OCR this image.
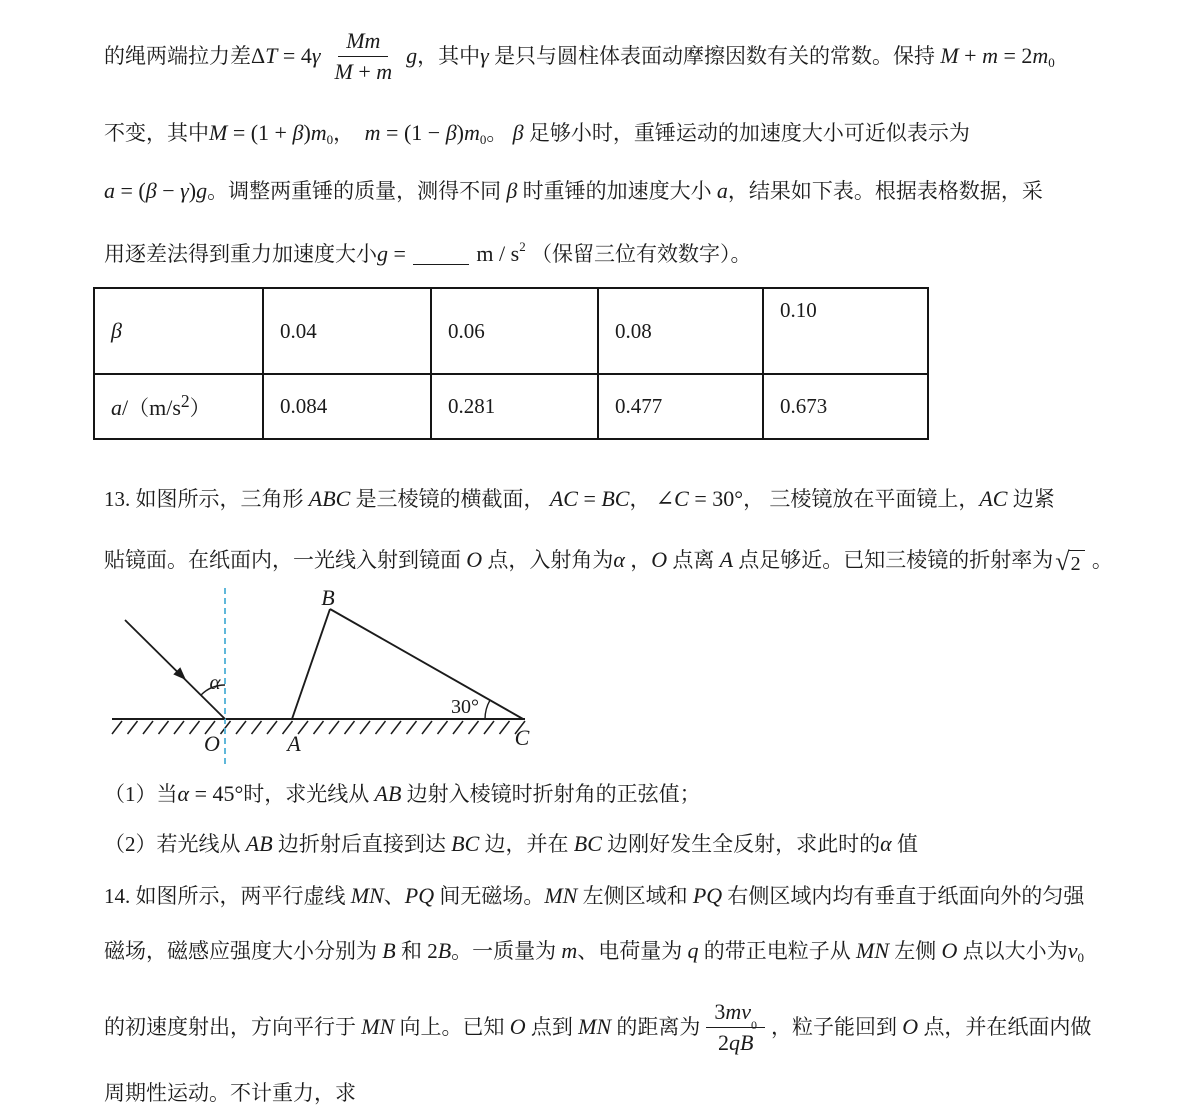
的绳两端拉力差 Δ T = 4 γ $\frac{Mm}{M + m}$ g ，其中 γ 是只与圆柱体表面动摩擦因数有关的常数。保持 M + m = 2 $m_0$
不变，其中 M = (1 + β ) $m_0$ ， m = (1 − β ) $m_0$ 。 β 足够小时，重锤运动的加速度大小可近似表示为
a = ( β − γ ) g 。调整两重锤的质量，测得不同 β 时重锤的加速度大小 a ，结果如下表。根据表格数据，采
用逐差法得到重力加速度大小 g =	m / $s^2$ （保留三位有效数字）。
β	0.04	0.06	0.08	0.10
$a/(m/s^2)$	0.084	0.281	0.477	0.673
13. 如图所示，三角形 ABC 是三棱镜的横截面， AC = BC ， ∠ C = 30° ， 三棱镜放在平面镜上， AC 边紧
贴镜面。在纸面内，一光线入射到镜面 O 点，入射角为 α ， O 点离 A 点足够近。已知三棱镜的折射率为 √ 2 。
α
30°
B
O	A	C
（1）当 α = 45° 时，求光线从 AB 边射入棱镜时折射角的正弦值；
（2）若光线从 AB 边折射后直接到达 BC 边，并在 BC 边刚好发生全反射，求此时的 α 值
14. 如图所示，两平行虚线 MN 、 PQ 间无磁场。 MN 左侧区域和 PQ 右侧区域内均有垂直于纸面向外的匀强
磁场，磁感应强度大小分别为 B 和 2 B 。一质量为 m 、电荷量为 q 的带正电粒子从 MN 左侧 O 点以大小为 $v_0$
的初速度射出，方向平行于 MN 向上。已知 O 点到 MN 的距离为 $\frac{3mv_0}{2qB}$ ，粒子能回到 O 点，并在纸面内做
周期性运动。不计重力，求
